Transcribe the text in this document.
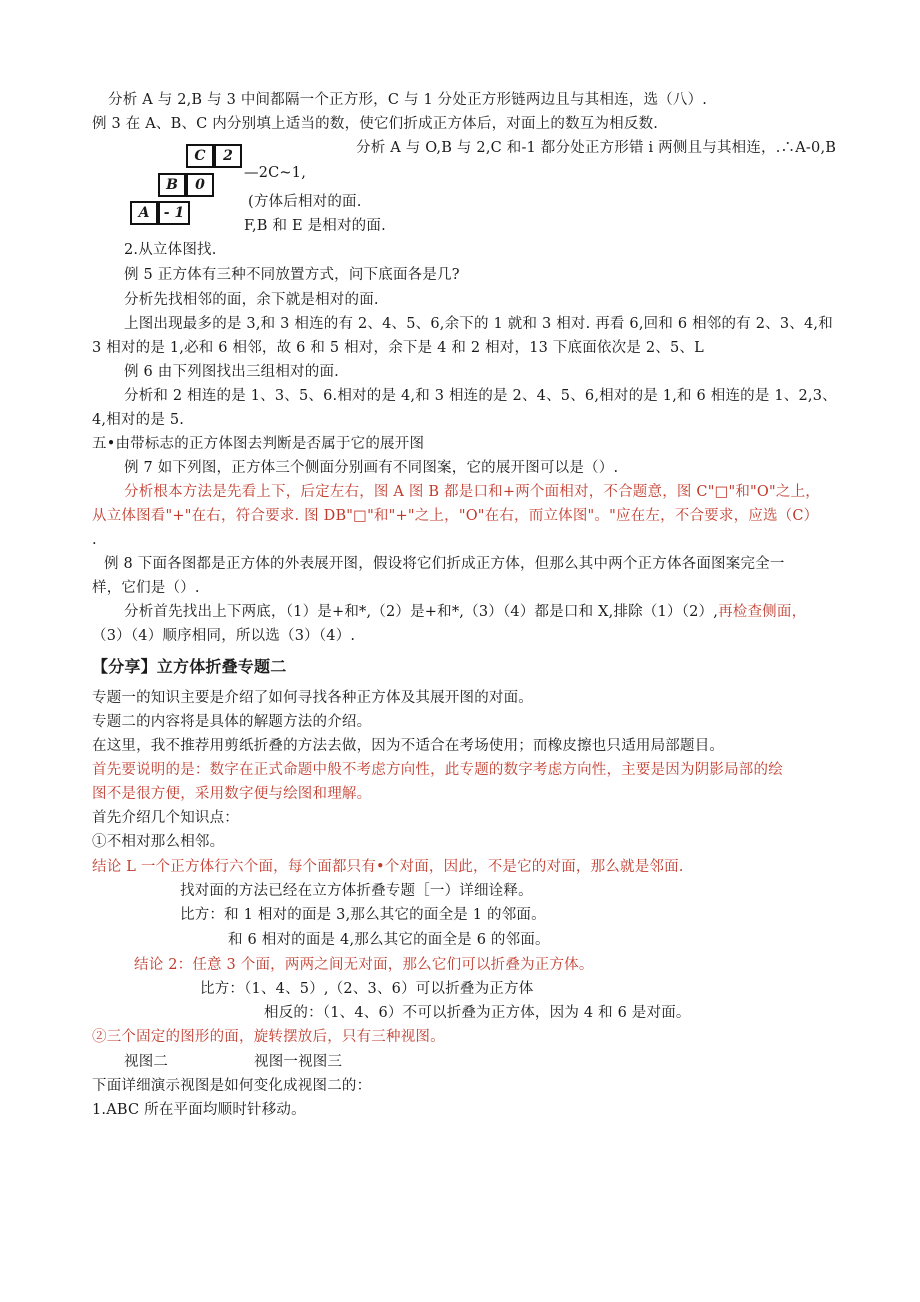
分析 A 与 2,B 与 3 中间都隔一个正方形，C 与 1 分处正方形链两边且与其相连，选（八）.
例 3 在 A、B、C 内分别填上适当的数，使它们折成正方体后，对面上的数互为相反数.
分析 A 与 O,B 与 2,C 和-1 都分处正方形错 i 两侧且与其相连，.∴A-0,B
—2C~1,
(方体后相对的面.
F,B 和 E 是相对的面.
C	2
B	0
A	- 1
2.从立体图找.
例 5 正方体有三种不同放置方式，问下底面各是几?
分析先找相邻的面，余下就是相对的面.
上图出现最多的是 3,和 3 相连的有 2、4、5、6,余下的 1 就和 3 相对. 再看 6,回和 6 相邻的有 2、3、4,和
3 相对的是 1,必和 6 相邻，故 6 和 5 相对，余下是 4 和 2 相对，13 下底面依次是 2、5、L
例 6 由下列图找出三组相对的面.
分析和 2 相连的是 1、3、5、6.相对的是 4,和 3 相连的是 2、4、5、6,相对的是 1,和 6 相连的是 1、2,3、
4,相对的是 5.
五•由带标志的正方体图去判断是否属于它的展开图
例 7 如下列图，正方体三个侧面分别画有不同图案，它的展开图可以是（）.
分析根本方法是先看上下，后定左右，图 A 图 B 都是口和+两个面相对，不合题意，图 C"□"和"O"之上，
从立体图看"+"在右，符合要求. 图 DB"□"和"+"之上，"O"在右，而立体图"。"应在左，不合要求，应选（C）
.
例 8 下面各图都是正方体的外表展开图，假设将它们折成正方体，但那么其中两个正方体各面图案完全一
样，它们是（）.
分析首先找出上下两底，（1）是+和*,（2）是+和*,（3）（4）都是口和 X,排除（1）（2）,再检查侧面，
（3）（4）顺序相同，所以选（3）（4）.
【分享】立方体折叠专题二
专题一的知识主要是介绍了如何寻找各种正方体及其展开图的对面。
专题二的内容将是具体的解题方法的介绍。
在这里，我不推荐用剪纸折叠的方法去做，因为不适合在考场使用；而橡皮擦也只适用局部题目。
首先要说明的是：数字在正式命题中般不考虑方向性，此专题的数字考虑方向性，主要是因为阴影局部的绘
图不是很方便，采用数字便与绘图和理解。
首先介绍几个知识点：
①不相对那么相邻。
结论 L 一个正方体行六个面，每个面都只有•个对面，因此，不是它的对面，那么就是邻面.
找对面的方法已经在立方体折叠专题［一）详细诠释。
比方：和 1 相对的面是 3,那么其它的面全是 1 的邻面。
和 6 相对的面是 4,那么其它的面全是 6 的邻面。
结论 2：任意 3 个面，两两之间无对面，那么它们可以折叠为正方体。
比方：（1、4、5）,（2、3、6）可以折叠为正方体
相反的：（1、4、6）不可以折叠为正方体，因为 4 和 6 是对面。
②三个固定的图形的面，旋转摆放后，只有三种视图。
视图二	视图一视图三
下面详细演示视图是如何变化成视图二的：
1.ABC 所在平面均顺时针移动。
